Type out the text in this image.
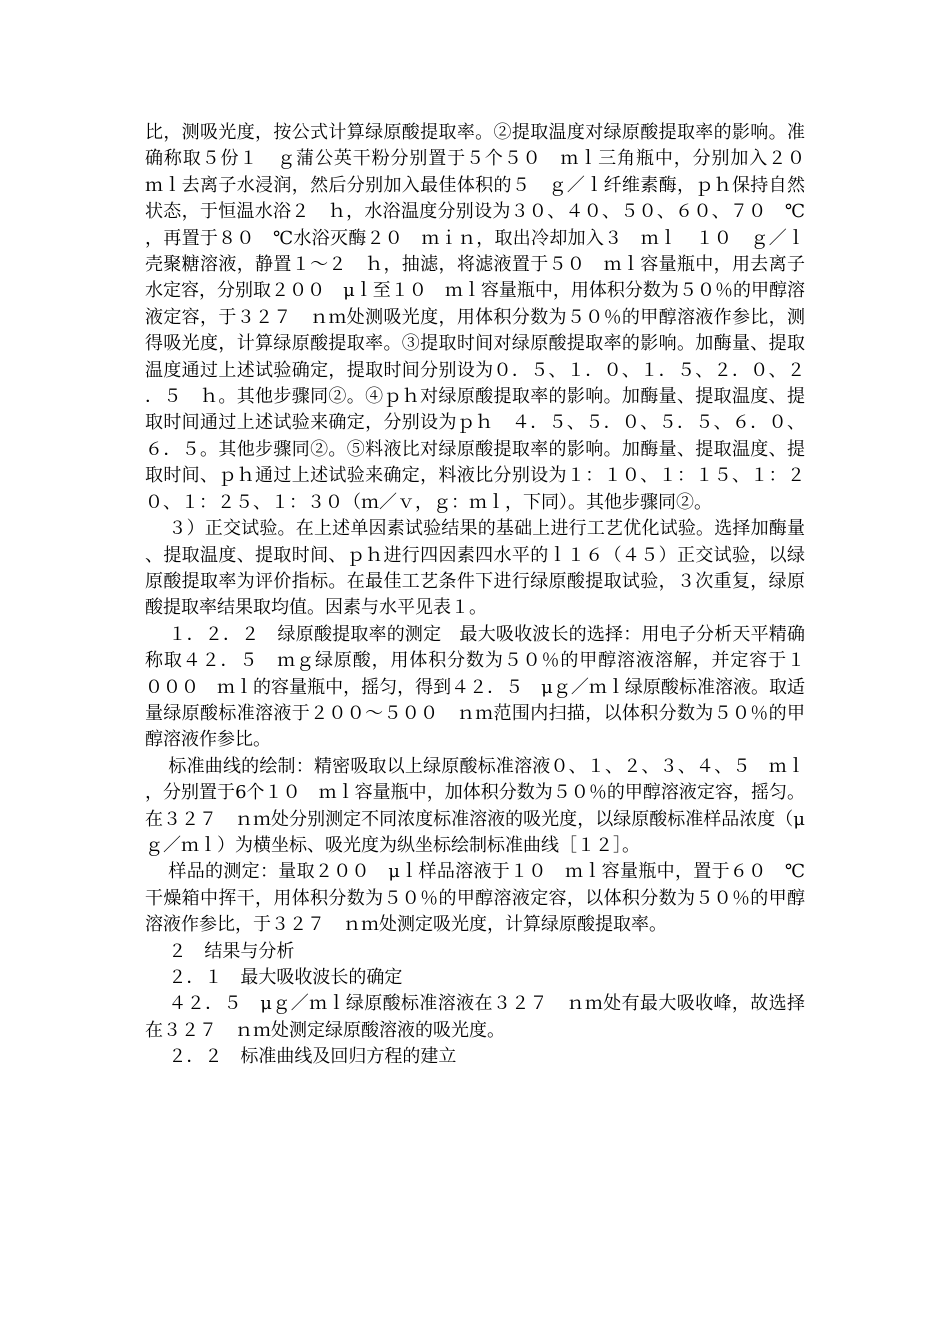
比，测吸光度，按公式计算绿原酸提取率。②提取温度对绿原酸提取率的影响。准确称取５份１　ｇ蒲公英干粉分别置于５个５０　ｍｌ三角瓶中，分别加入２０　ｍｌ去离子水浸润，然后分别加入最佳体积的５　ｇ／ｌ纤维素酶，ｐｈ保持自然状态，于恒温水浴２　ｈ，水浴温度分别设为３０、４０、５０、６０、７０　℃，再置于８０　℃水浴灭酶２０　ｍｉｎ，取出冷却加入３　ｍｌ　１０　ｇ／ｌ壳聚糖溶液，静置１～２　ｈ，抽滤，将滤液置于５０　ｍｌ容量瓶中，用去离子水定容，分别取２００　μｌ至１０　ｍｌ容量瓶中，用体积分数为５０％的甲醇溶液定容，于３２７　ｎｍ处测吸光度，用体积分数为５０％的甲醇溶液作参比，测得吸光度，计算绿原酸提取率。③提取时间对绿原酸提取率的影响。加酶量、提取温度通过上述试验确定，提取时间分别设为０．５、１．０、１．５、２．０、２．５　ｈ。其他步骤同②。④ｐｈ对绿原酸提取率的影响。加酶量、提取温度、提取时间通过上述试验来确定，分别设为ｐｈ　４．５、５．０、５．５、６．０、６．５。其他步骤同②。⑤料液比对绿原酸提取率的影响。加酶量、提取温度、提取时间、ｐｈ通过上述试验来确定，料液比分别设为１：１０、１：１５、１：２０、１：２５、１：３０（ｍ／ｖ，ｇ：ｍｌ，下同）。其他步骤同②。

３）正交试验。在上述单因素试验结果的基础上进行工艺优化试验。选择加酶量、提取温度、提取时间、ｐｈ进行四因素四水平的ｌ１６（４５）正交试验，以绿原酸提取率为评价指标。在最佳工艺条件下进行绿原酸提取试验，３次重复，绿原酸提取率结果取均值。因素与水平见表１。

１．２．２　绿原酸提取率的测定　最大吸收波长的选择：用电子分析天平精确称取４２．５　ｍｇ绿原酸，用体积分数为５０％的甲醇溶液溶解，并定容于１　０００　ｍｌ的容量瓶中，摇匀，得到４２．５　μｇ／ｍｌ绿原酸标准溶液。取适量绿原酸标准溶液于２００～５００　ｎｍ范围内扫描，以体积分数为５０％的甲醇溶液作参比。

标准曲线的绘制：精密吸取以上绿原酸标准溶液０、１、２、３、４、５　ｍｌ，分别置于6个１０　ｍｌ容量瓶中，加体积分数为５０％的甲醇溶液定容，摇匀。在３２７　ｎｍ处分别测定不同浓度标准溶液的吸光度，以绿原酸标准样品浓度（μｇ／ｍｌ）为横坐标、吸光度为纵坐标绘制标准曲线［１２］。

样品的测定：量取２００　μｌ样品溶液于１０　ｍｌ容量瓶中，置于６０　℃干燥箱中挥干，用体积分数为５０％的甲醇溶液定容，以体积分数为５０％的甲醇溶液作参比，于３２７　ｎｍ处测定吸光度，计算绿原酸提取率。

２　结果与分析

２．１　最大吸收波长的确定

４２．５　μｇ／ｍｌ绿原酸标准溶液在３２７　ｎｍ处有最大吸收峰，故选择在３２７　ｎｍ处测定绿原酸溶液的吸光度。

２．２　标准曲线及回归方程的建立
